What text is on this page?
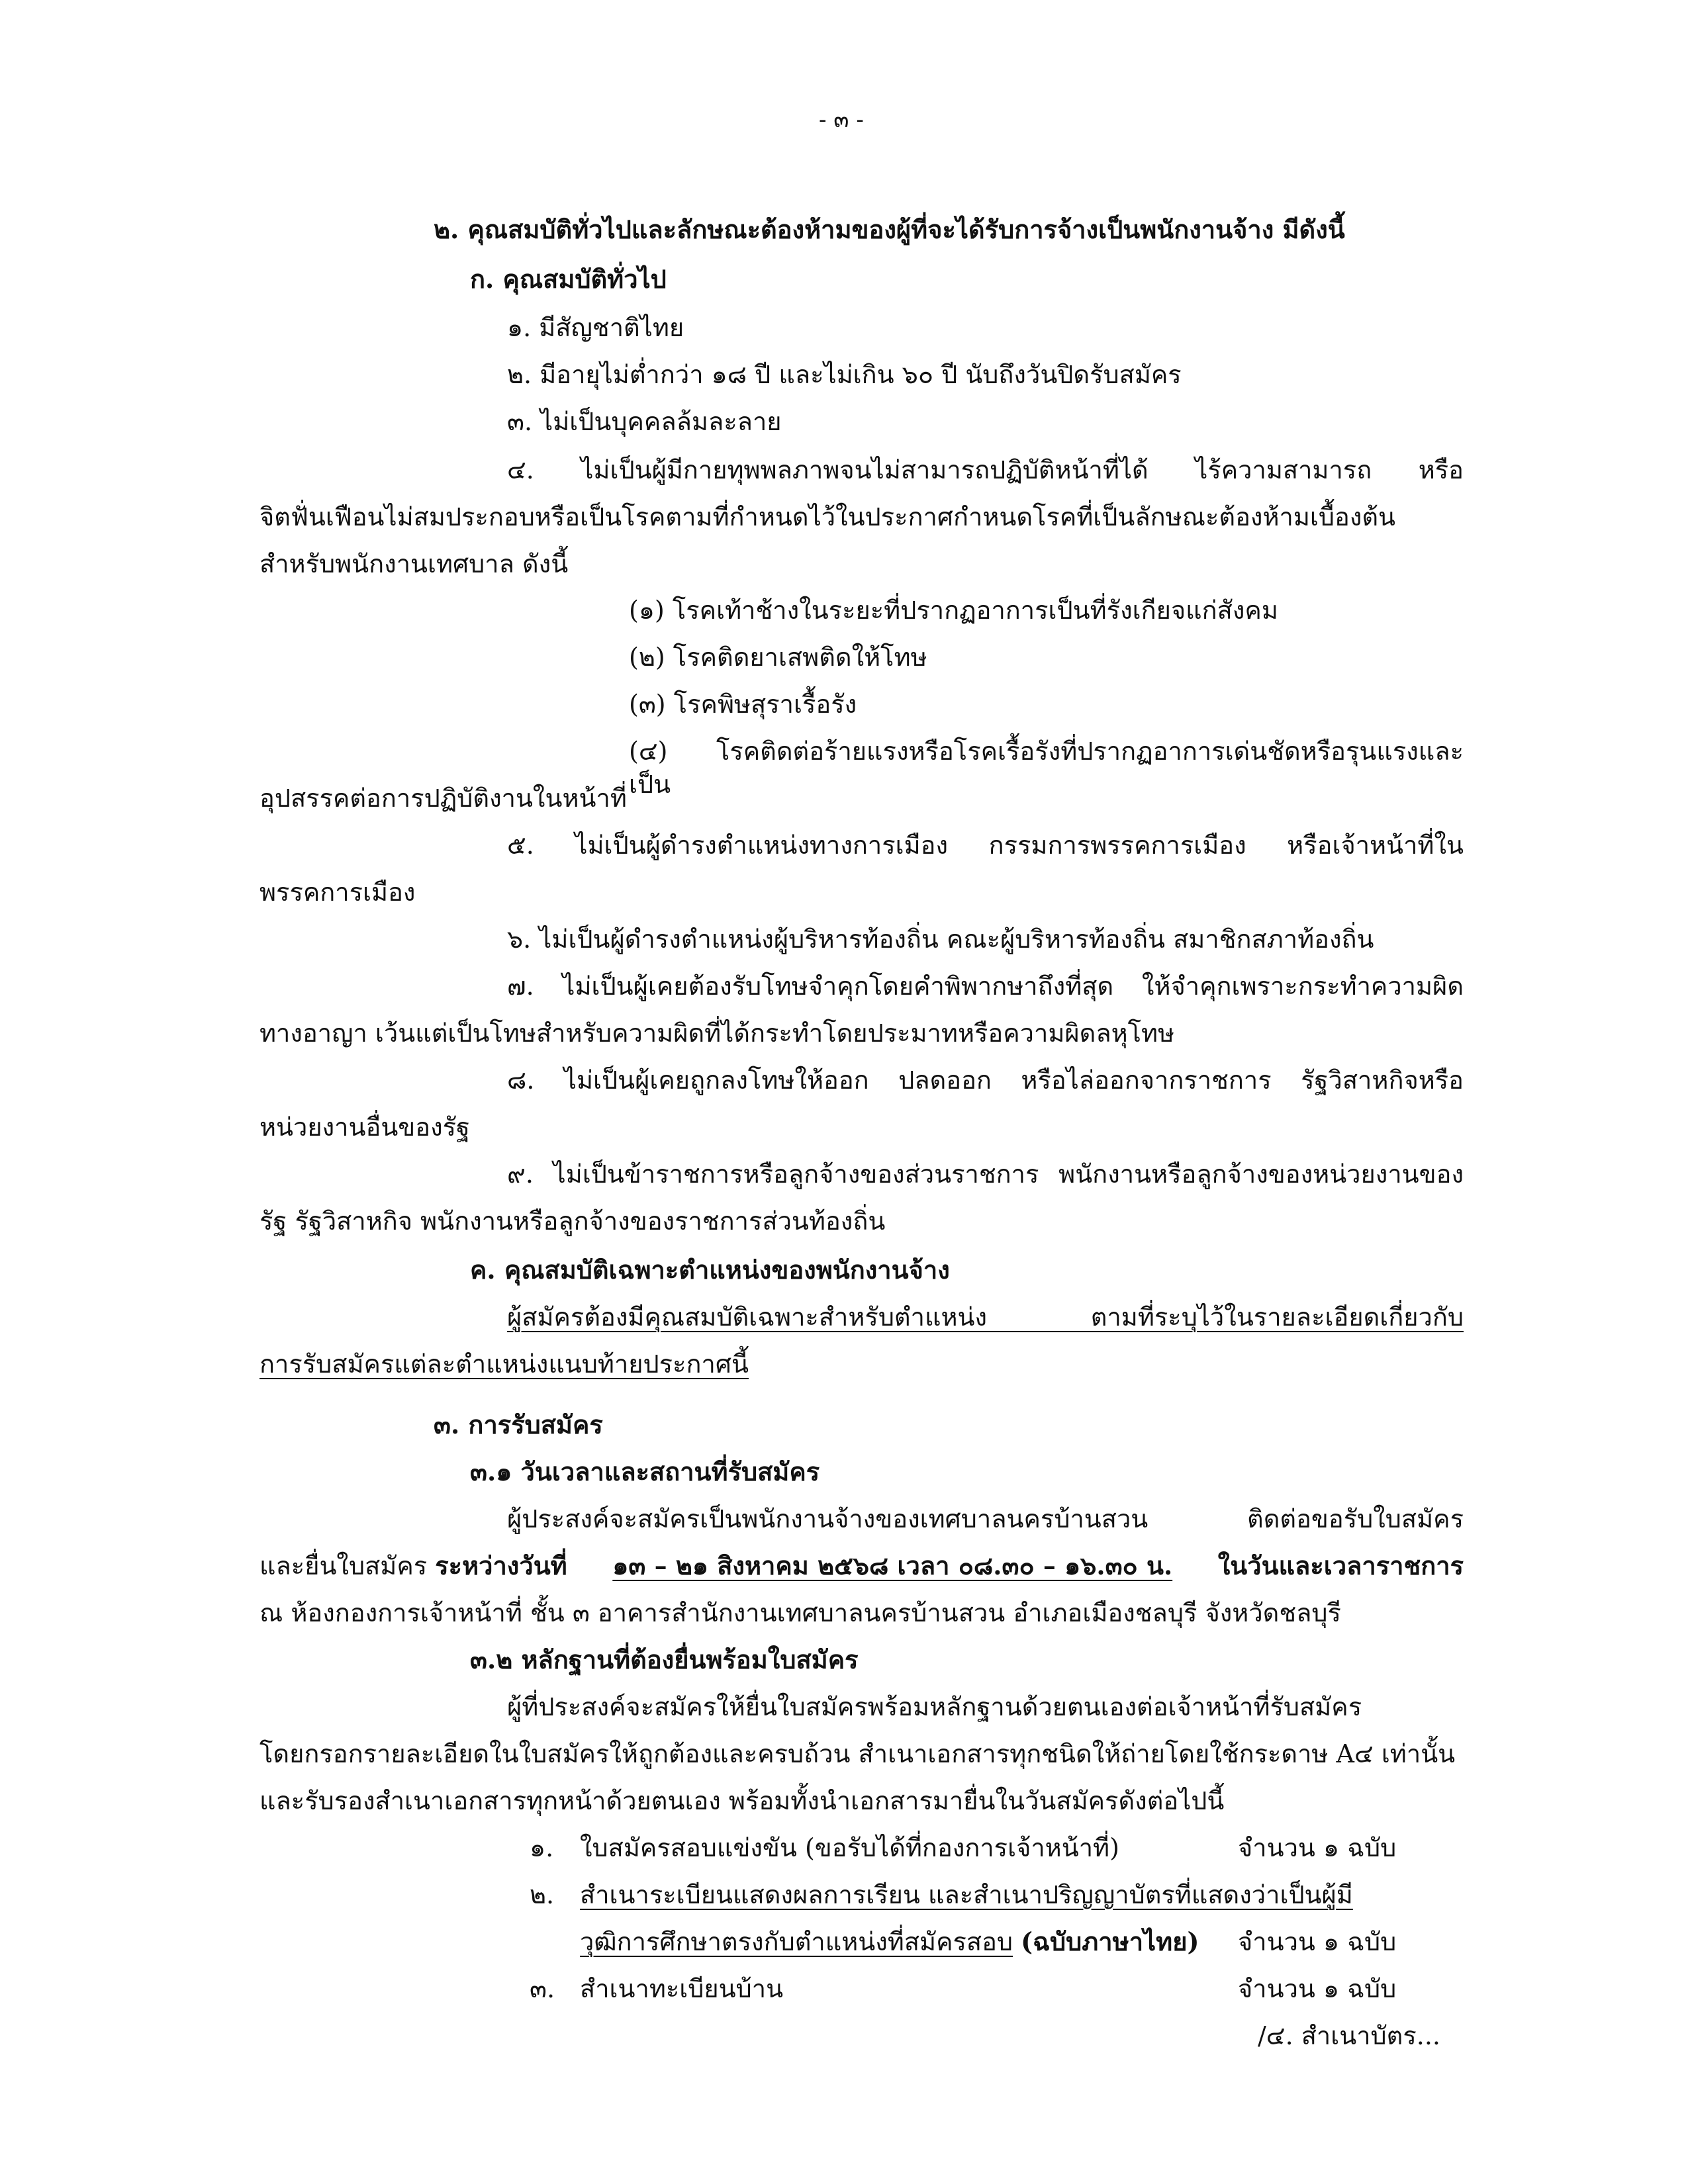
- ๓ -
๒. คุณสมบัติทั่วไปและลักษณะต้องห้ามของผู้ที่จะได้รับการจ้างเป็นพนักงานจ้าง มีดังนี้
ก. คุณสมบัติทั่วไป
๑. มีสัญชาติไทย
๒. มีอายุไม่ต่ำกว่า ๑๘ ปี และไม่เกิน ๖๐ ปี นับถึงวันปิดรับสมัคร
๓. ไม่เป็นบุคคลล้มละลาย
๔. ไม่เป็นผู้มีกายทุพพลภาพจนไม่สามารถปฏิบัติหน้าที่ได้ ไร้ความสามารถ หรือ
จิตฟั่นเฟือนไม่สมประกอบหรือเป็นโรคตามที่กำหนดไว้ในประกาศกำหนดโรคที่เป็นลักษณะต้องห้ามเบื้องต้น
สำหรับพนักงานเทศบาล ดังนี้
(๑) โรคเท้าช้างในระยะที่ปรากฏอาการเป็นที่รังเกียจแก่สังคม
(๒) โรคติดยาเสพติดให้โทษ
(๓) โรคพิษสุราเรื้อรัง
(๔) โรคติดต่อร้ายแรงหรือโรคเรื้อรังที่ปรากฏอาการเด่นชัดหรือรุนแรงและเป็น
อุปสรรคต่อการปฏิบัติงานในหน้าที่
๕. ไม่เป็นผู้ดำรงตำแหน่งทางการเมือง กรรมการพรรคการเมือง หรือเจ้าหน้าที่ใน
พรรคการเมือง
๖. ไม่เป็นผู้ดำรงตำแหน่งผู้บริหารท้องถิ่น คณะผู้บริหารท้องถิ่น สมาชิกสภาท้องถิ่น
๗. ไม่เป็นผู้เคยต้องรับโทษจำคุกโดยคำพิพากษาถึงที่สุด ให้จำคุกเพราะกระทำความผิด
ทางอาญา เว้นแต่เป็นโทษสำหรับความผิดที่ได้กระทำโดยประมาทหรือความผิดลหุโทษ
๘. ไม่เป็นผู้เคยถูกลงโทษให้ออก ปลดออก หรือไล่ออกจากราชการ รัฐวิสาหกิจหรือ
หน่วยงานอื่นของรัฐ
๙. ไม่เป็นข้าราชการหรือลูกจ้างของส่วนราชการ พนักงานหรือลูกจ้างของหน่วยงานของ
รัฐ รัฐวิสาหกิจ พนักงานหรือลูกจ้างของราชการส่วนท้องถิ่น
ค. คุณสมบัติเฉพาะตำแหน่งของพนักงานจ้าง
ผู้สมัครต้องมีคุณสมบัติเฉพาะสำหรับตำแหน่ง ตามที่ระบุไว้ในรายละเอียดเกี่ยวกับ
การรับสมัครแต่ละตำแหน่งแนบท้ายประกาศนี้
๓. การรับสมัคร
๓.๑ วันเวลาและสถานที่รับสมัคร
ผู้ประสงค์จะสมัครเป็นพนักงานจ้างของเทศบาลนครบ้านสวน ติดต่อขอรับใบสมัคร
และยื่นใบสมัคร ระหว่างวันที่ ๑๓ – ๒๑ สิงหาคม ๒๕๖๘ เวลา ๐๘.๓๐ – ๑๖.๓๐ น. ในวันและเวลาราชการ
ณ ห้องกองการเจ้าหน้าที่ ชั้น ๓ อาคารสำนักงานเทศบาลนครบ้านสวน อำเภอเมืองชลบุรี จังหวัดชลบุรี
๓.๒ หลักฐานที่ต้องยื่นพร้อมใบสมัคร
ผู้ที่ประสงค์จะสมัครให้ยื่นใบสมัครพร้อมหลักฐานด้วยตนเองต่อเจ้าหน้าที่รับสมัคร
โดยกรอกรายละเอียดในใบสมัครให้ถูกต้องและครบถ้วน สำเนาเอกสารทุกชนิดให้ถ่ายโดยใช้กระดาษ A๔ เท่านั้น
และรับรองสำเนาเอกสารทุกหน้าด้วยตนเอง พร้อมทั้งนำเอกสารมายื่นในวันสมัครดังต่อไปนี้
๑. ใบสมัครสอบแข่งขัน (ขอรับได้ที่กองการเจ้าหน้าที่)	จำนวน ๑ ฉบับ
๒. สำเนาระเบียนแสดงผลการเรียน และสำเนาปริญญาบัตรที่แสดงว่าเป็นผู้มี
วุฒิการศึกษาตรงกับตำแหน่งที่สมัครสอบ (ฉบับภาษาไทย) จำนวน ๑ ฉบับ
๓. สำเนาทะเบียนบ้าน	จำนวน ๑ ฉบับ
/๔. สำเนาบัตร...
